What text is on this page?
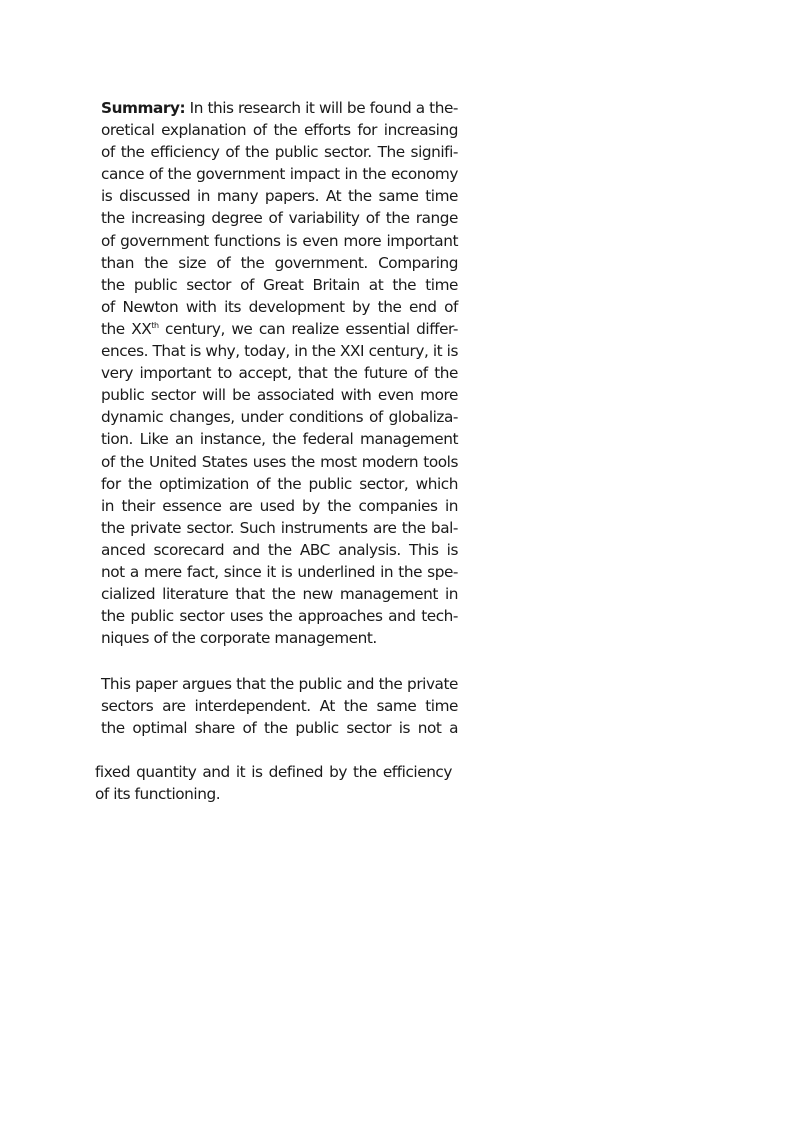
Summary: In this research it will be found a the-
oretical explanation of the efforts for increasing
of the efficiency of the public sector. The signifi-
cance of the government impact in the economy
is discussed in many papers. At the same time
the increasing degree of variability of the range
of government functions is even more important
than the size of the government. Comparing
the public sector of Great Britain at the time
of Newton with its development by the end of
the XXth century, we can realize essential differ-
ences. That is why, today, in the XXI century, it is
very important to accept, that the future of the
public sector will be associated with even more
dynamic changes, under conditions of globaliza-
tion. Like an instance, the federal management
of the United States uses the most modern tools
for the optimization of the public sector, which
in their essence are used by the companies in
the private sector. Such instruments are the bal-
anced scorecard and the ABC analysis. This is
not a mere fact, since it is underlined in the spe-
cialized literature that the new management in
the public sector uses the approaches and tech-
niques of the corporate management.
This paper argues that the public and the private
sectors are interdependent. At the same time
the optimal share of the public sector is not a
fixed quantity and it is defined by the efficiency
of its functioning.
